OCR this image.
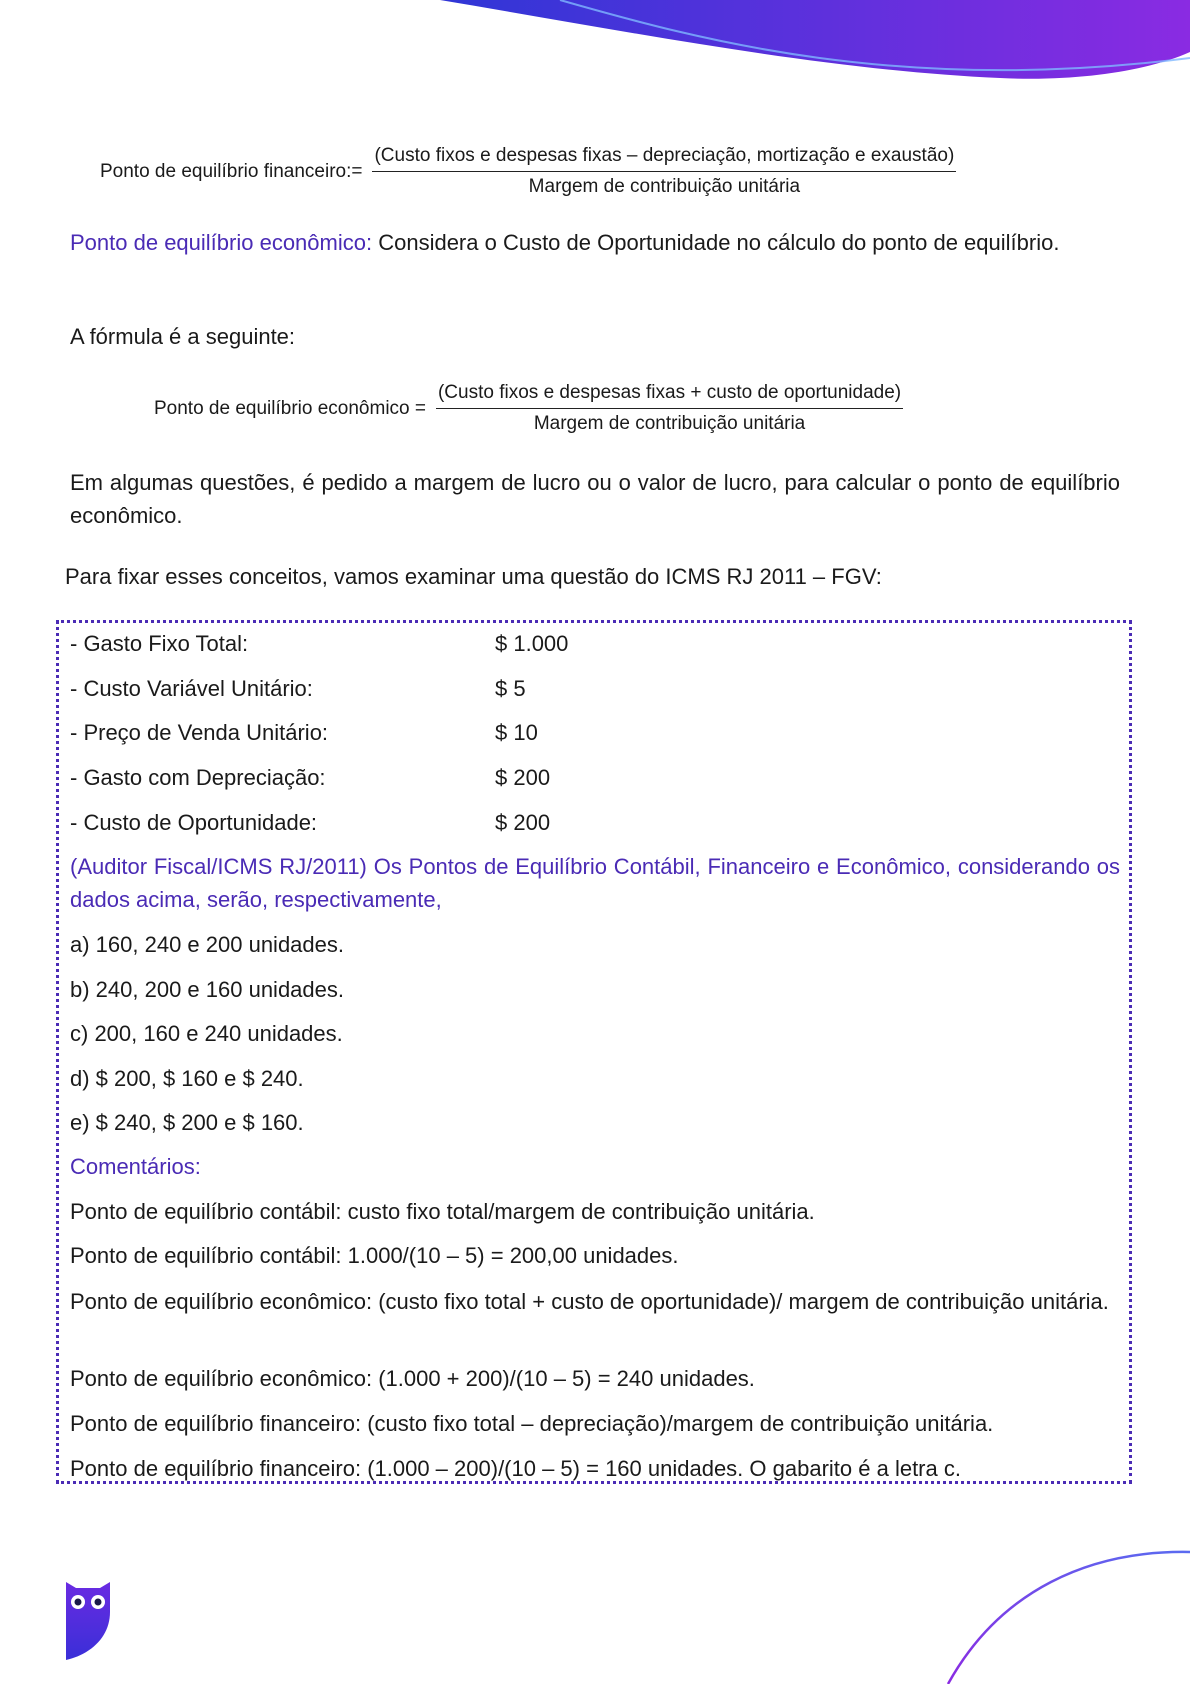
Ponto de equilíbrio financeiro:=
(Custo fixos e despesas fixas – depreciação, mortização e exaustão)
Margem de contribuição unitária
Ponto de equilíbrio econômico: Considera o Custo de Oportunidade no cálculo do ponto de equilíbrio.
A fórmula é a seguinte:
Ponto de equilíbrio econômico = $\frac{\text{(Custo fixos e despesas fixas + custo de oportunidade)}}{\text{Margem de contribuição unitária}}$
Em algumas questões, é pedido a margem de lucro ou o valor de lucro, para calcular o ponto de equilíbrio econômico.
Para fixar esses conceitos, vamos examinar uma questão do ICMS RJ 2011 – FGV:
- Gasto Fixo Total:	$ 1.000
- Custo Variável Unitário:	$ 5
- Preço de Venda Unitário:	$ 10
- Gasto com Depreciação:	$ 200
- Custo de Oportunidade:	$ 200
(Auditor Fiscal/ICMS RJ/2011) Os Pontos de Equilíbrio Contábil, Financeiro e Econômico, considerando os dados acima, serão, respectivamente,
a) 160, 240 e 200 unidades.
b) 240, 200 e 160 unidades.
c) 200, 160 e 240 unidades.
d) $ 200, $ 160 e $ 240.
e) $ 240, $ 200 e $ 160.
Comentários:
Ponto de equilíbrio contábil: custo fixo total/margem de contribuição unitária.
Ponto de equilíbrio contábil: 1.000/(10 – 5) = 200,00 unidades.
Ponto de equilíbrio econômico: (custo fixo total + custo de oportunidade)/ margem de contribuição unitária.
Ponto de equilíbrio econômico: (1.000 + 200)/(10 – 5) = 240 unidades.
Ponto de equilíbrio financeiro: (custo fixo total – depreciação)/margem de contribuição unitária.
Ponto de equilíbrio financeiro: (1.000 – 200)/(10 – 5) = 160 unidades. O gabarito é a letra c.
